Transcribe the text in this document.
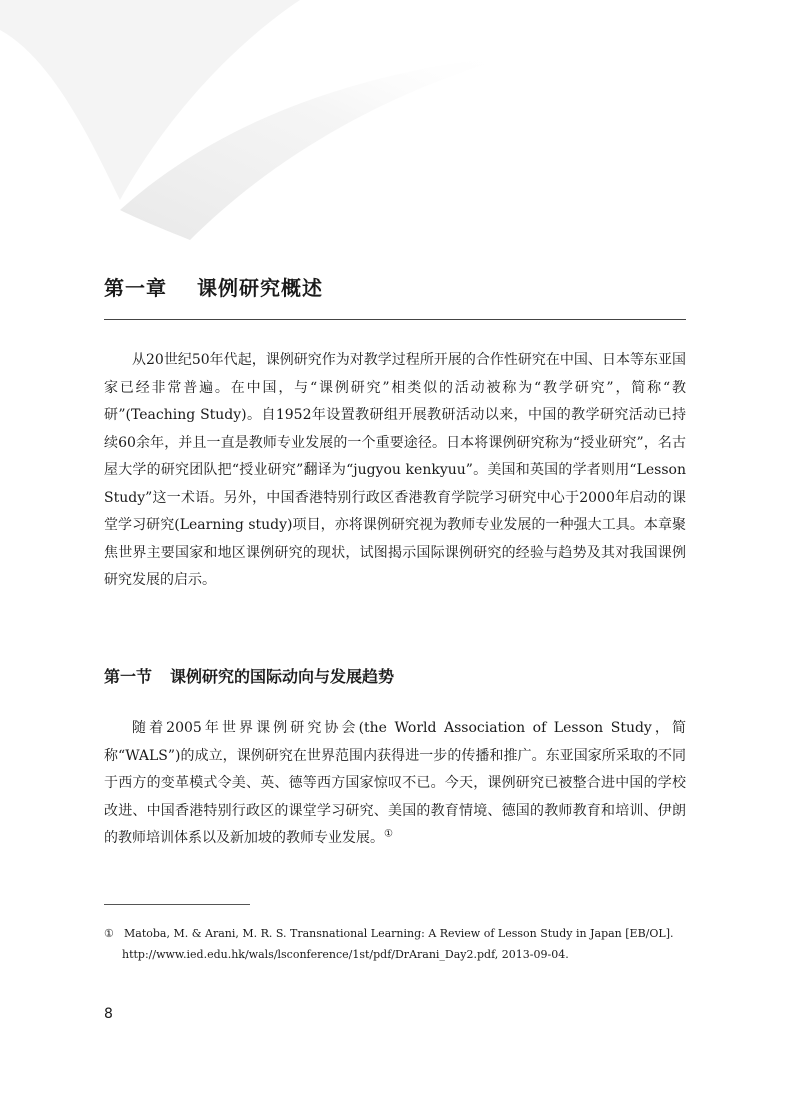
第一章 课例研究概述

从20世纪50年代起，课例研究作为对教学过程所开展的合作性研究在中国、日本等东亚国家已经非常普遍。在中国，与“课例研究”相类似的活动被称为“教学研究”，简称“教研”(Teaching Study)。自1952年设置教研组开展教研活动以来，中国的教学研究活动已持续60余年，并且一直是教师专业发展的一个重要途径。日本将课例研究称为“授业研究”，名古屋大学的研究团队把“授业研究”翻译为“jugyou kenkyuu”。美国和英国的学者则用“Lesson Study”这一术语。另外，中国香港特别行政区香港教育学院学习研究中心于2000年启动的课堂学习研究(Learning study)项目，亦将课例研究视为教师专业发展的一种强大工具。本章聚焦世界主要国家和地区课例研究的现状，试图揭示国际课例研究的经验与趋势及其对我国课例研究发展的启示。

第一节 课例研究的国际动向与发展趋势

随着2005年世界课例研究协会(the World Association of Lesson Study，简称“WALS”)的成立，课例研究在世界范围内获得进一步的传播和推广。东亚国家所采取的不同于西方的变革模式令美、英、德等西方国家惊叹不已。今天，课例研究已被整合进中国的学校改进、中国香港特别行政区的课堂学习研究、美国的教育情境、德国的教师教育和培训、伊朗的教师培训体系以及新加坡的教师专业发展。①

① Matoba, M. & Arani, M. R. S. Transnational Learning: A Review of Lesson Study in Japan [EB/OL].
http://www.ied.edu.hk/wals/lsconference/1st/pdf/DrArani_Day2.pdf, 2013-09-04.

8
